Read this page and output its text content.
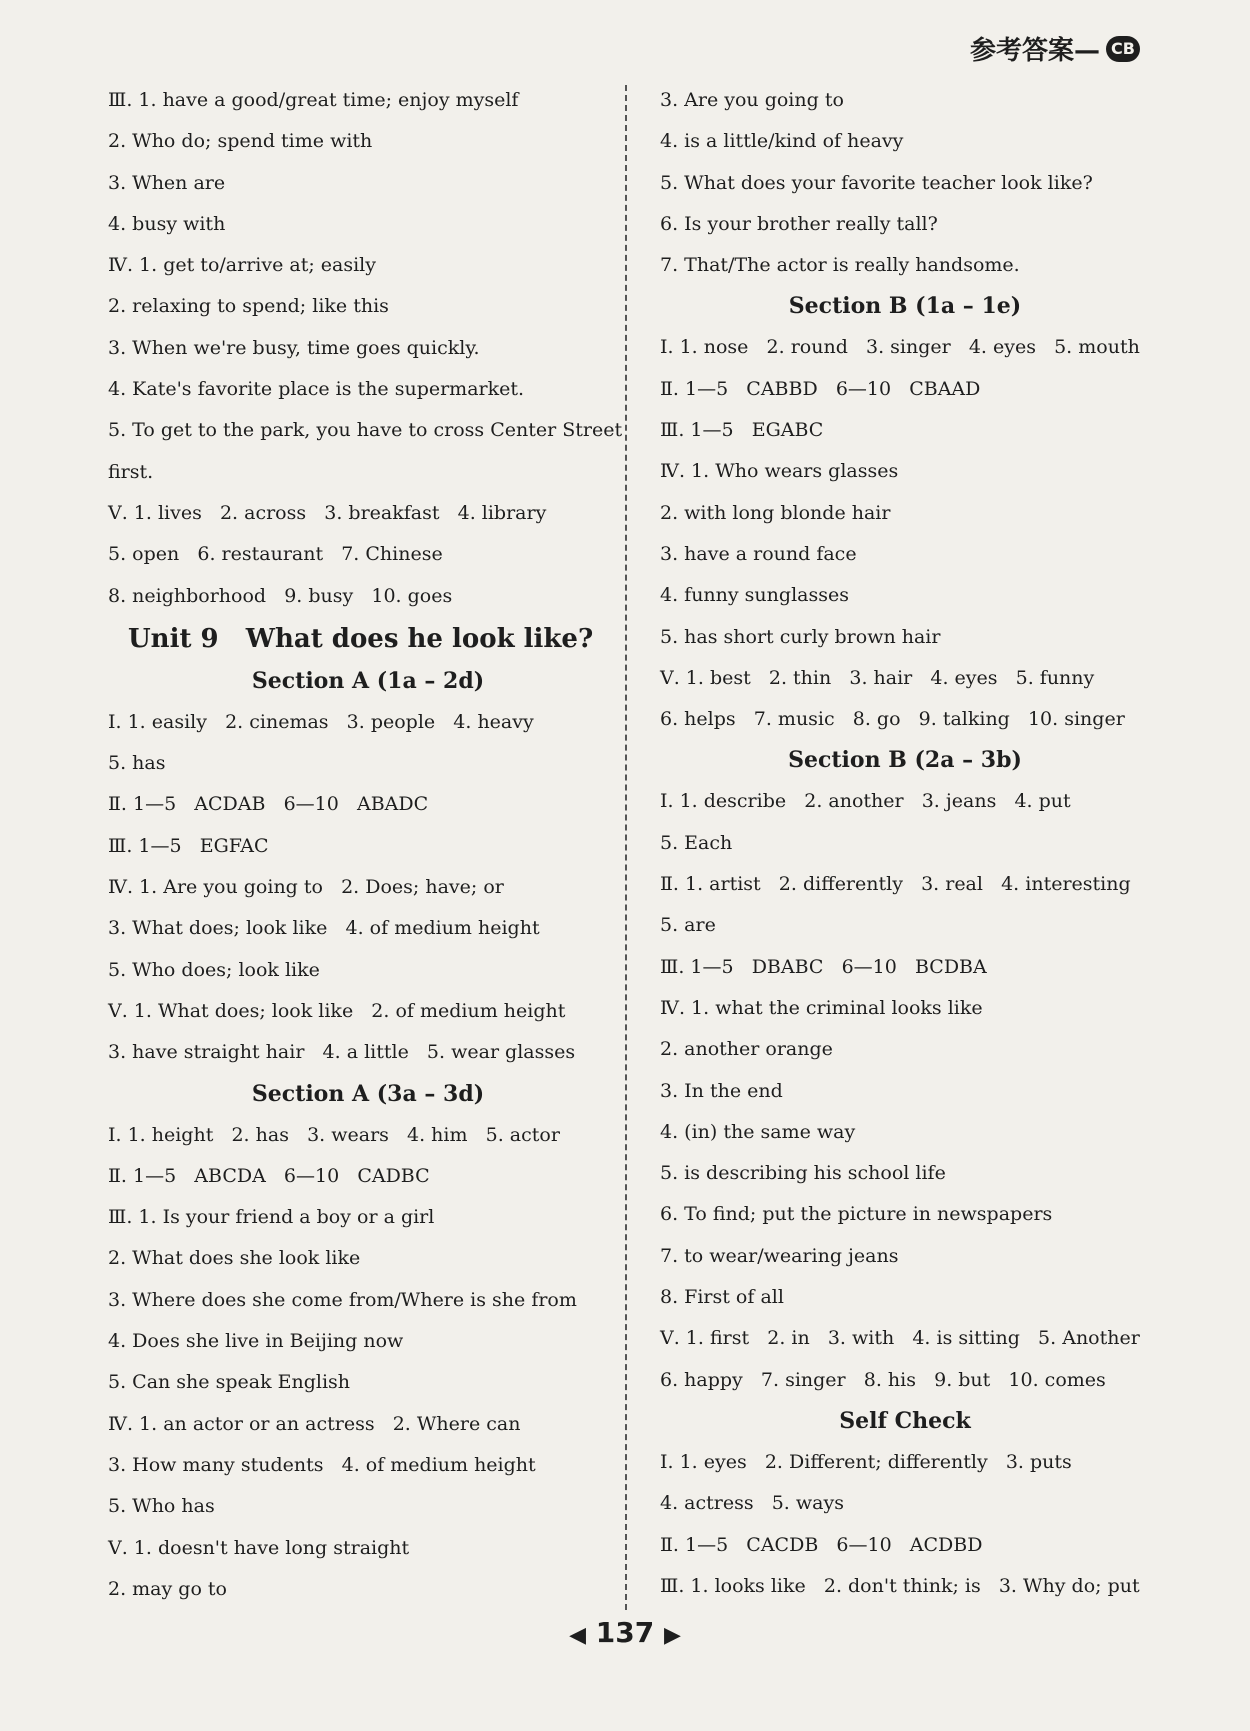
参考答案— CB
Ⅲ. 1. have a good/great time; enjoy myself
2. Who do; spend time with
3. When are
4. busy with
Ⅳ. 1. get to/arrive at; easily
2. relaxing to spend; like this
3. When we're busy, time goes quickly.
4. Kate's favorite place is the supermarket.
5. To get to the park, you have to cross Center Street
first.
Ⅴ. 1. lives   2. across   3. breakfast   4. library
5. open   6. restaurant   7. Chinese
8. neighborhood   9. busy   10. goes
Unit 9   What does he look like?
Section A (1a – 2d)
Ⅰ. 1. easily   2. cinemas   3. people   4. heavy
5. has
Ⅱ. 1—5   ACDAB   6—10   ABADC
Ⅲ. 1—5   EGFAC
Ⅳ. 1. Are you going to   2. Does; have; or
3. What does; look like   4. of medium height
5. Who does; look like
Ⅴ. 1. What does; look like   2. of medium height
3. have straight hair   4. a little   5. wear glasses
Section A (3a – 3d)
Ⅰ. 1. height   2. has   3. wears   4. him   5. actor
Ⅱ. 1—5   ABCDA   6—10   CADBC
Ⅲ. 1. Is your friend a boy or a girl
2. What does she look like
3. Where does she come from/Where is she from
4. Does she live in Beijing now
5. Can she speak English
Ⅳ. 1. an actor or an actress   2. Where can
3. How many students   4. of medium height
5. Who has
Ⅴ. 1. doesn't have long straight
2. may go to
3. Are you going to
4. is a little/kind of heavy
5. What does your favorite teacher look like?
6. Is your brother really tall?
7. That/The actor is really handsome.
Section B (1a – 1e)
Ⅰ. 1. nose   2. round   3. singer   4. eyes   5. mouth
Ⅱ. 1—5   CABBD   6—10   CBAAD
Ⅲ. 1—5   EGABC
Ⅳ. 1. Who wears glasses
2. with long blonde hair
3. have a round face
4. funny sunglasses
5. has short curly brown hair
Ⅴ. 1. best   2. thin   3. hair   4. eyes   5. funny
6. helps   7. music   8. go   9. talking   10. singer
Section B (2a – 3b)
Ⅰ. 1. describe   2. another   3. jeans   4. put
5. Each
Ⅱ. 1. artist   2. differently   3. real   4. interesting
5. are
Ⅲ. 1—5   DBABC   6—10   BCDBA
Ⅳ. 1. what the criminal looks like
2. another orange
3. In the end
4. (in) the same way
5. is describing his school life
6. To find; put the picture in newspapers
7. to wear/wearing jeans
8. First of all
Ⅴ. 1. first   2. in   3. with   4. is sitting   5. Another
6. happy   7. singer   8. his   9. but   10. comes
Self Check
Ⅰ. 1. eyes   2. Different; differently   3. puts
4. actress   5. ways
Ⅱ. 1—5   CACDB   6—10   ACDBD
Ⅲ. 1. looks like   2. don't think; is   3. Why do; put
◀ 137 ▶
